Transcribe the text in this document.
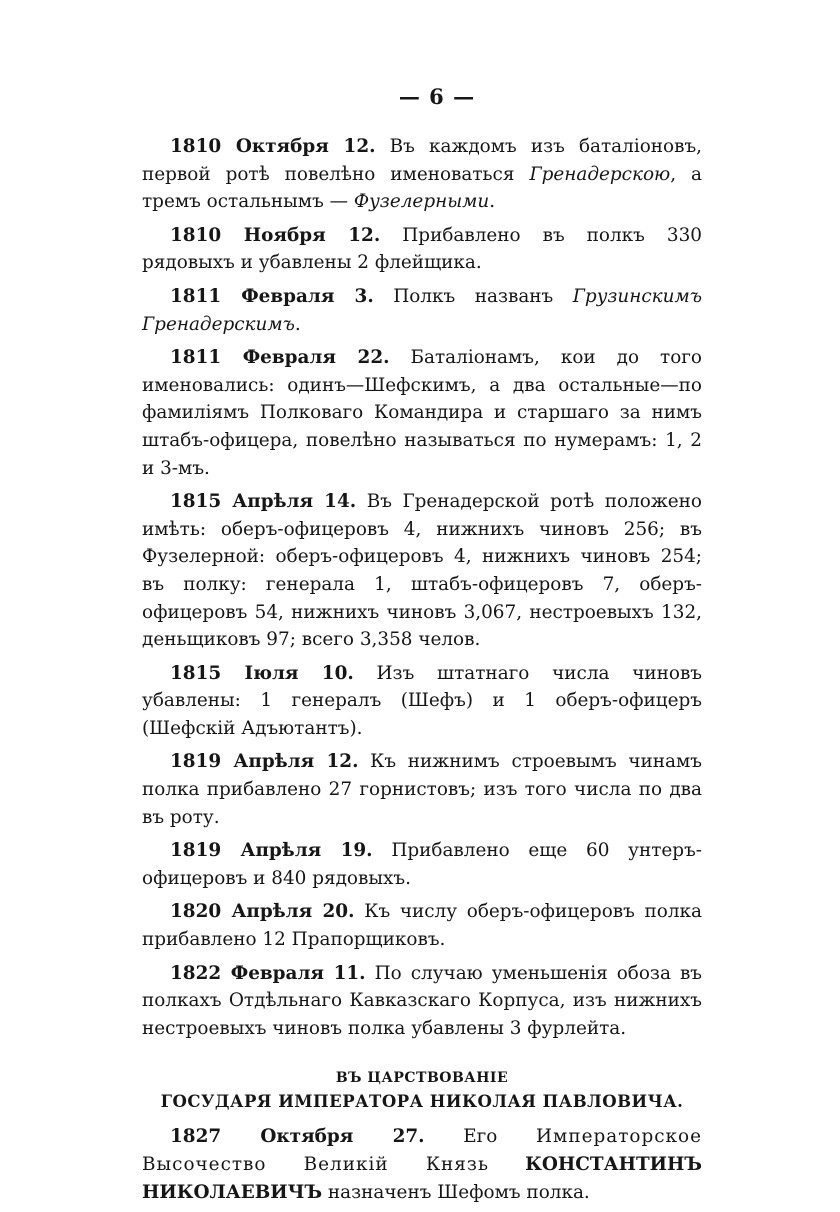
— 6 —

1810 Октября 12. Въ каждомъ изъ баталіоновъ, первой ротѣ повелѣно именоваться Гренадерскою, а тремъ остальнымъ — Фузелерными.

1810 Ноября 12. Прибавлено въ полкъ 330 рядовыхъ и убавлены 2 флейщика.

1811 Февраля 3. Полкъ названъ Грузинскимъ Гренадерскимъ.

1811 Февраля 22. Баталіонамъ, кои до того именовались: одинъ—Шефскимъ, а два остальные—по фамиліямъ Полковаго Командира и старшаго за нимъ штабъ-офицера, повелѣно называться по нумерамъ: 1, 2 и 3-мъ.

1815 Апрѣля 14. Въ Гренадерской ротѣ положено имѣть: оберъ-офицеровъ 4, нижнихъ чиновъ 256; въ Фузелерной: оберъ-офицеровъ 4, нижнихъ чиновъ 254; въ полку: генерала 1, штабъ-офицеровъ 7, оберъ-офицеровъ 54, нижнихъ чиновъ 3,067, нестроевыхъ 132, деньщиковъ 97; всего 3,358 челов.

1815 Іюля 10. Изъ штатнаго числа чиновъ убавлены: 1 генералъ (Шефъ) и 1 оберъ-офицеръ (Шефскій Адъютантъ).

1819 Апрѣля 12. Къ нижнимъ строевымъ чинамъ полка прибавлено 27 горнистовъ; изъ того числа по два въ роту.

1819 Апрѣля 19. Прибавлено еще 60 унтеръ-офицеровъ и 840 рядовыхъ.

1820 Апрѣля 20. Къ числу оберъ-офицеровъ полка прибавлено 12 Прапорщиковъ.

1822 Февраля 11. По случаю уменьшенія обоза въ полкахъ Отдѣльнаго Кавказскаго Корпуса, изъ нижнихъ нестроевыхъ чиновъ полка убавлены 3 фурлейта.

ВЪ ЦАРСТВОВАНІЕ

ГОСУДАРЯ ИМПЕРАТОРА НИКОЛАЯ ПАВЛОВИЧА.

1827 Октября 27. Его Императорское Высочество Великій Князь КОНСТАНТИНЪ НИКОЛАЕВИЧЪ назначенъ Шефомъ полка.
